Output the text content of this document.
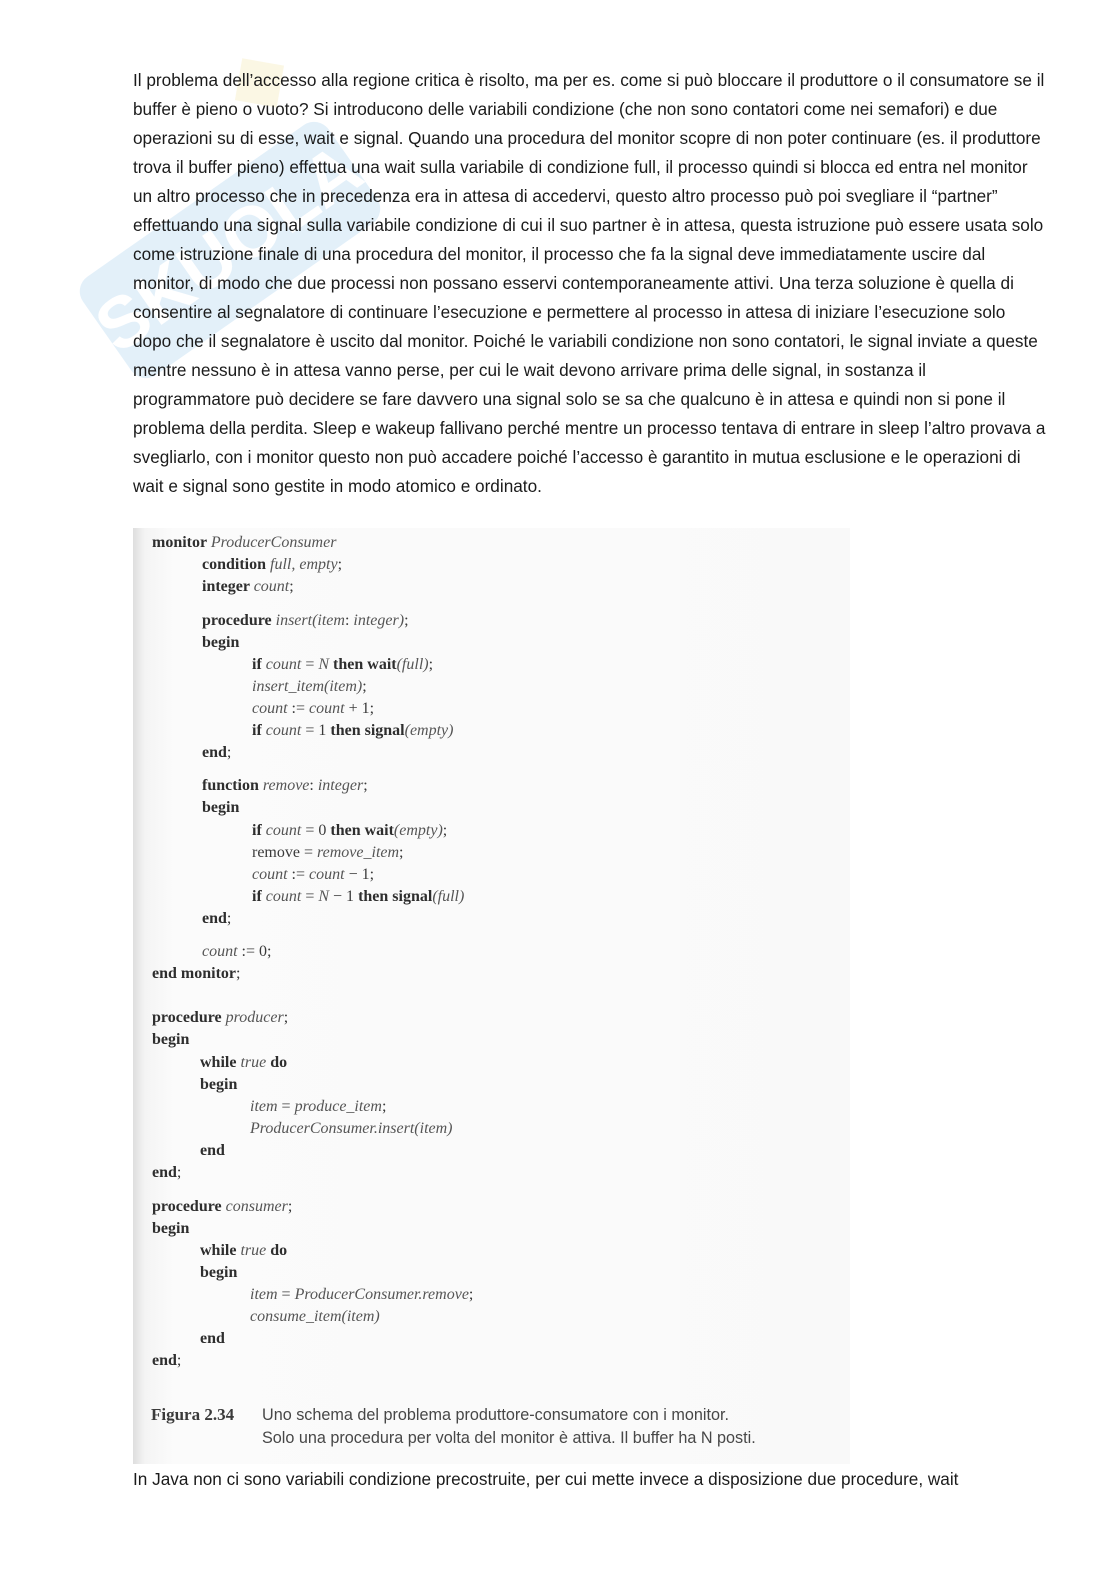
SKUOLA
Il problema dell’accesso alla regione critica è risolto, ma per es. come si può bloccare il produttore o il consumatore se il buffer è pieno o vuoto? Si introducono delle variabili condizione (che non sono contatori come nei semafori) e due operazioni su di esse, wait e signal. Quando una procedura del monitor scopre di non poter continuare (es. il produttore trova il buffer pieno) effettua una wait sulla variabile di condizione full, il processo quindi si blocca ed entra nel monitor un altro processo che in precedenza era in attesa di accedervi, questo altro processo può poi svegliare il “partner” effettuando una signal sulla variabile condizione di cui il suo partner è in attesa, questa istruzione può essere usata solo come istruzione finale di una procedura del monitor, il processo che fa la signal deve immediatamente uscire dal monitor, di modo che due processi non possano esservi contemporaneamente attivi. Una terza soluzione è quella di consentire al segnalatore di continuare l’esecuzione e permettere al processo in attesa di iniziare l’esecuzione solo dopo che il segnalatore è uscito dal monitor. Poiché le variabili condizione non sono contatori, le signal inviate a queste mentre nessuno è in attesa vanno perse, per cui le wait devono arrivare prima delle signal, in sostanza il programmatore può decidere se fare davvero una signal solo se sa che qualcuno è in attesa e quindi non si pone il problema della perdita. Sleep e wakeup fallivano perché mentre un processo tentava di entrare in sleep l’altro provava a svegliarlo, con i monitor questo non può accadere poiché l’accesso è garantito in mutua esclusione e le operazioni di wait e signal sono gestite in modo atomico e ordinato.
monitor ProducerConsumer
condition full, empty;
integer count;
procedure insert(item: integer);
begin
if count = N then wait(full);
insert_item(item);
count := count + 1;
if count = 1 then signal(empty)
end;
function remove: integer;
begin
if count = 0 then wait(empty);
remove = remove_item;
count := count − 1;
if count = N − 1 then signal(full)
end;
count := 0;
end monitor;
procedure producer;
begin
while true do
begin
item = produce_item;
ProducerConsumer.insert(item)
end
end;
procedure consumer;
begin
while true do
begin
item = ProducerConsumer.remove;
consume_item(item)
end
end;
Figura 2.34 Uno schema del problema produttore-consumatore con i monitor.
Solo una procedura per volta del monitor è attiva. Il buffer ha N posti.
In Java non ci sono variabili condizione precostruite, per cui mette invece a disposizione due procedure, wait
